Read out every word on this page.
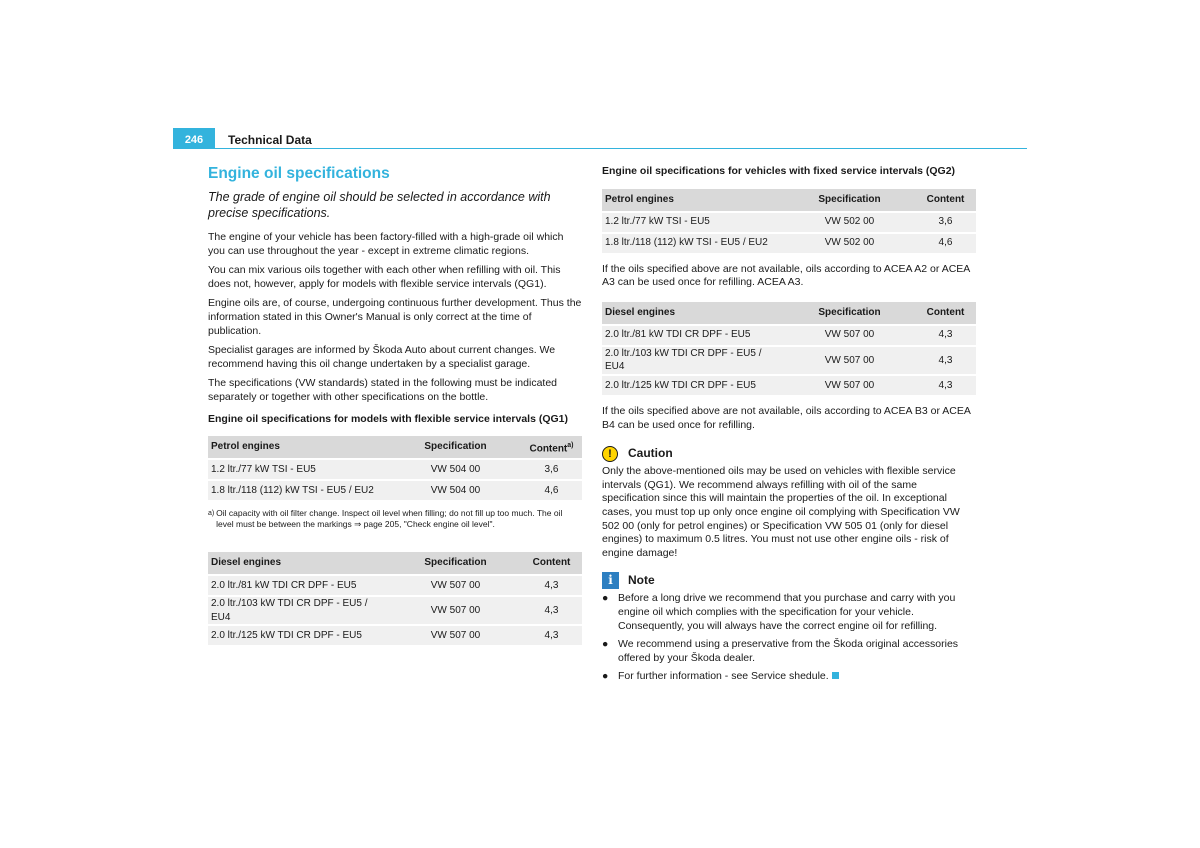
246	Technical Data
Engine oil specifications

The grade of engine oil should be selected in accordance with precise specifications.

The engine of your vehicle has been factory-filled with a high-grade oil which you can use throughout the year - except in extreme climatic regions.

You can mix various oils together with each other when refilling with oil. This does not, however, apply for models with flexible service intervals (QG1).

Engine oils are, of course, undergoing continuous further development. Thus the information stated in this Owner's Manual is only correct at the time of publication.

Specialist garages are informed by Škoda Auto about current changes. We recommend having this oil change undertaken by a specialist garage.

The specifications (VW standards) stated in the following must be indicated separately or together with other specifications on the bottle.

Engine oil specifications for models with flexible service intervals (QG1)
Petrol engines	Specification	Content$^{a)}$
1.2 ltr./77 kW TSI - EU5	VW 504 00	3,6
1.8 ltr./118 (112) kW TSI - EU5 / EU2	VW 504 00	4,6
a) Oil capacity with oil filter change. Inspect oil level when filling; do not fill up too much. The oil level must be between the markings ⇒ page 205, "Check engine oil level".
Diesel engines	Specification	Content
2.0 ltr./81 kW TDI CR DPF - EU5	VW 507 00	4,3
2.0 ltr./103 kW TDI CR DPF - EU5 / EU4	VW 507 00	4,3
2.0 ltr./125 kW TDI CR DPF - EU5	VW 507 00	4,3
Engine oil specifications for vehicles with fixed service intervals (QG2)
Petrol engines	Specification	Content
1.2 ltr./77 kW TSI - EU5	VW 502 00	3,6
1.8 ltr./118 (112) kW TSI - EU5 / EU2	VW 502 00	4,6

If the oils specified above are not available, oils according to ACEA A2 or ACEA A3 can be used once for refilling. ACEA A3.

Diesel engines	Specification	Content
2.0 ltr./81 kW TDI CR DPF - EU5	VW 507 00	4,3
2.0 ltr./103 kW TDI CR DPF - EU5 / EU4	VW 507 00	4,3
2.0 ltr./125 kW TDI CR DPF - EU5	VW 507 00	4,3

If the oils specified above are not available, oils according to ACEA B3 or ACEA B4 can be used once for refilling.

!	Caution

Only the above-mentioned oils may be used on vehicles with flexible service intervals (QG1). We recommend always refilling with oil of the same specification since this will maintain the properties of the oil. In exceptional cases, you must top up only once engine oil complying with Specification VW 502 00 (only for petrol engines) or Specification VW 505 01 (only for diesel engines) to maximum 0.5 litres. You must not use other engine oils - risk of engine damage!

i	Note
● Before a long drive we recommend that you purchase and carry with you engine oil which complies with the specification for your vehicle. Consequently, you will always have the correct engine oil for refilling.
● We recommend using a preservative from the Škoda original accessories offered by your Škoda dealer.
● For further information - see Service shedule.
